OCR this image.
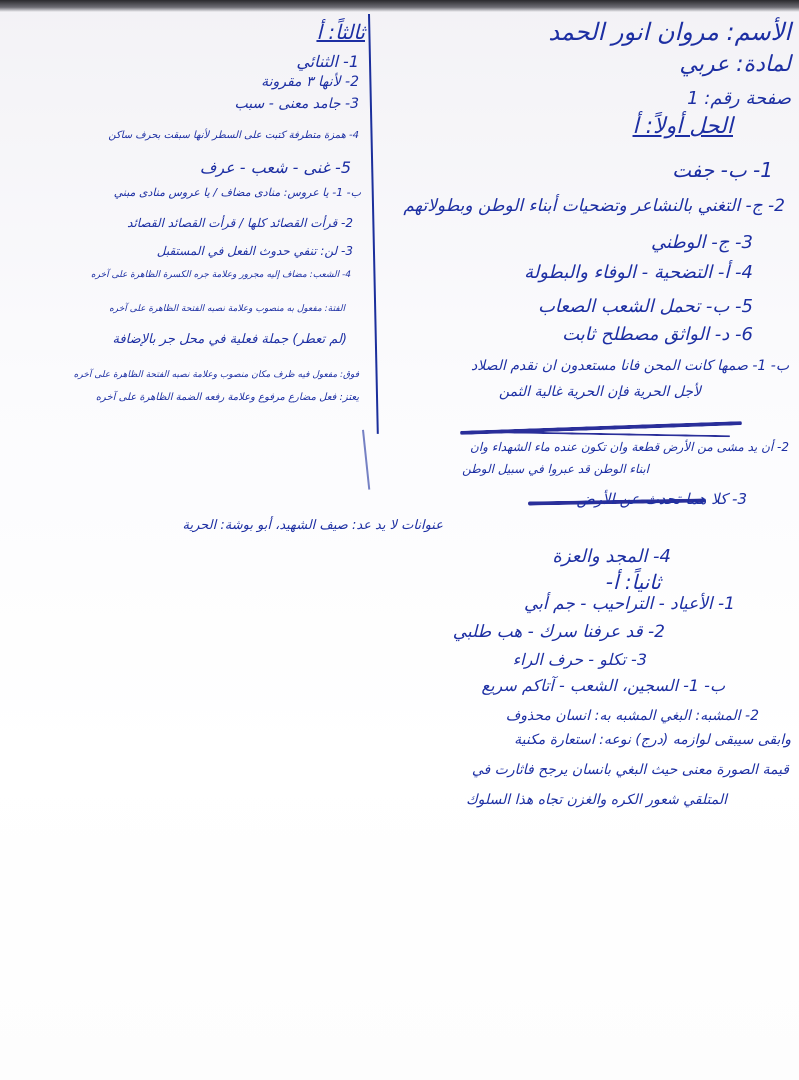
الأسم: مروان انور الحمد
لمادة: عربي
صفحة رقم: 1
الحل أولاً: أ
1- ب- جفت
2- ج- التغني بالنشاعر وتضحيات أبناء الوطن وبطولاتهم
3- ج- الوطني
4- أ- التضحية - الوفاء والبطولة
5- ب- تحمل الشعب الصعاب
6- د- الواثق مصطلح ثابت
ب- 1- صمها كانت المحن فانا مستعدون ان نقدم الصلاد
لأجل الحرية فإن الحرية غالية الثمن
2- أن يد مشى من الأرض قطعة وان تكون عنده ماء الشهداء وان
ابناء الوطن قد عبروا في سبيل الوطن
3- كلا هما تحدث عن الأرض
عنوانات لا يد عد: صيف الشهيد، أبو بوشة: الحرية
4- المجد والعزة
ثانياً: أ-
1- الأعياد - التراحيب - جم أبي
2- قد عرفنا سرك - هب طلبي
3- تكلو - حرف الراء
ب- 1- السجين، الشعب - آتاكم سريع
2- المشبه: البغي المشبه به: انسان محذوف
وابقى سيبقى لوازمه (درج) نوعه: استعارة مكنية
قيمة الصورة معنى حيث البغي بانسان يرجح فاثارت في
المتلقي شعور الكره والغزن تجاه هذا السلوك
ثالثاً: أ
1- الثنائي
2- لأنها ٣ مقرونة
3- جامد معنى - سبب
4- همزة متطرفة كتبت على السطر لأنها سبقت بحرف ساكن
5- غنى - شعب - عرف
ب- 1- يا عروس: منادى مضاف / يا عروس منادى مبني
2- قرأت القصائد كلها / قرأت القصائد القصائد
3- لن: تنفي حدوث الفعل في المستقبل
4- الشعب: مضاف إليه مجرور وعلامة جره الكسرة الظاهرة على آخره
الفتة: مفعول به منصوب وعلامة نصبه الفتحة الظاهرة على آخره
(لم تعطر) جملة فعلية في محل جر بالإضافة
فوق: مفعول فيه ظرف مكان منصوب وعلامة نصبه الفتحة الظاهرة على آخره
يعتز: فعل مضارع مرفوع وعلامة رفعه الضمة الظاهرة على آخره
